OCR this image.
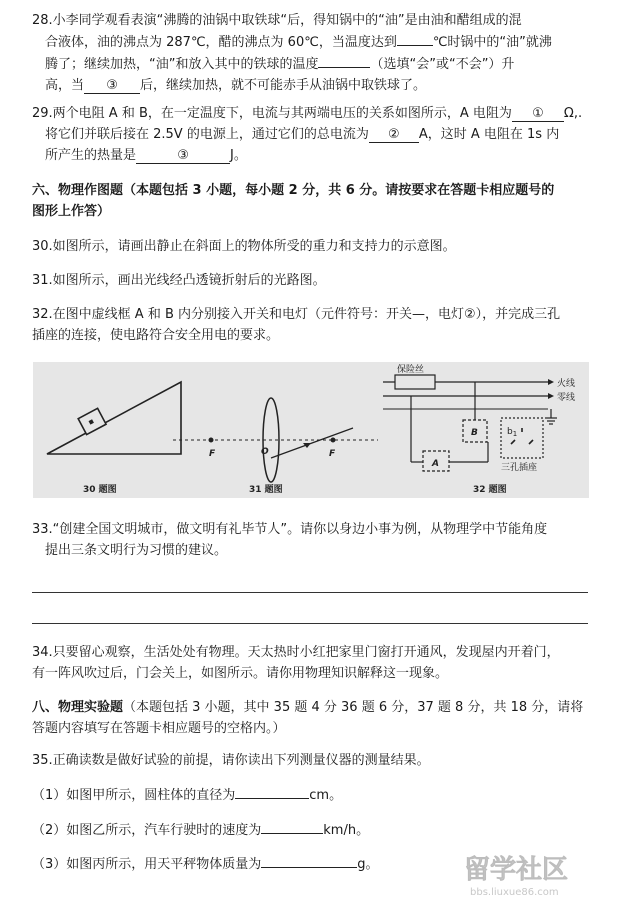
28.小李同学观看表演“沸腾的油锅中取铁球“后，得知锅中的“油”是由油和醋组成的混
合液体，油的沸点为 287℃，醋的沸点为 60℃，当温度达到	℃时锅中的“油”就沸
腾了；继续加热，“油”和放入其中的铁球的温度	（选填“会”或“不会”）升
高，当 ③ 后，继续加热，就不可能赤手从油锅中取铁球了。
29.两个电阻 A 和 B，在一定温度下，电流与其两端电压的关系如图所示，A 电阻为 ① Ω,.
将它们并联后接在 2.5V 的电源上，通过它们的总电流为 ② A，这时 A 电阻在 1s 内
所产生的热量是	③	J。
六、物理作图题（本题包括 3 小题，每小题 2 分，共 6 分。请按要求在答题卡相应题号的
图形上作答）
30.如图所示，请画出静止在斜面上的物体所受的重力和支持力的示意图。
31.如图所示，画出光线经凸透镜折射后的光路图。
32.在图中虚线框 A 和 B 内分别接入开关和电灯（元件符号：开关—，电灯②），并完成三孔
插座的连接，使电路符合安全用电的要求。
30 题图
F	F
O
31 题图
保险丝
火线
零线
A
B	$b_1$
三孔插座
32 题图
33.“创建全国文明城市，做文明有礼毕节人”。请你以身边小事为例，从物理学中节能角度
提出三条文明行为习惯的建议。
34.只要留心观察，生活处处有物理。天太热时小红把家里门窗打开通风，发现屋内开着门，
有一阵风吹过后，门会关上，如图所示。请你用物理知识解释这一现象。
八、物理实验题（本题包括 3 小题，其中 35 题 4 分 36 题 6 分，37 题 8 分，共 18 分，请将
答题内容填写在答题卡相应题号的空格内。）
35.正确读数是做好试验的前提，请你读出下列测量仪器的测量结果。
（1）如图甲所示，圆柱体的直径为	cm。
（2）如图乙所示，汽车行驶时的速度为	km/h。
（3）如图丙所示，用天平秤物体质量为	g。	留学社区
bbs.liuxue86.com
